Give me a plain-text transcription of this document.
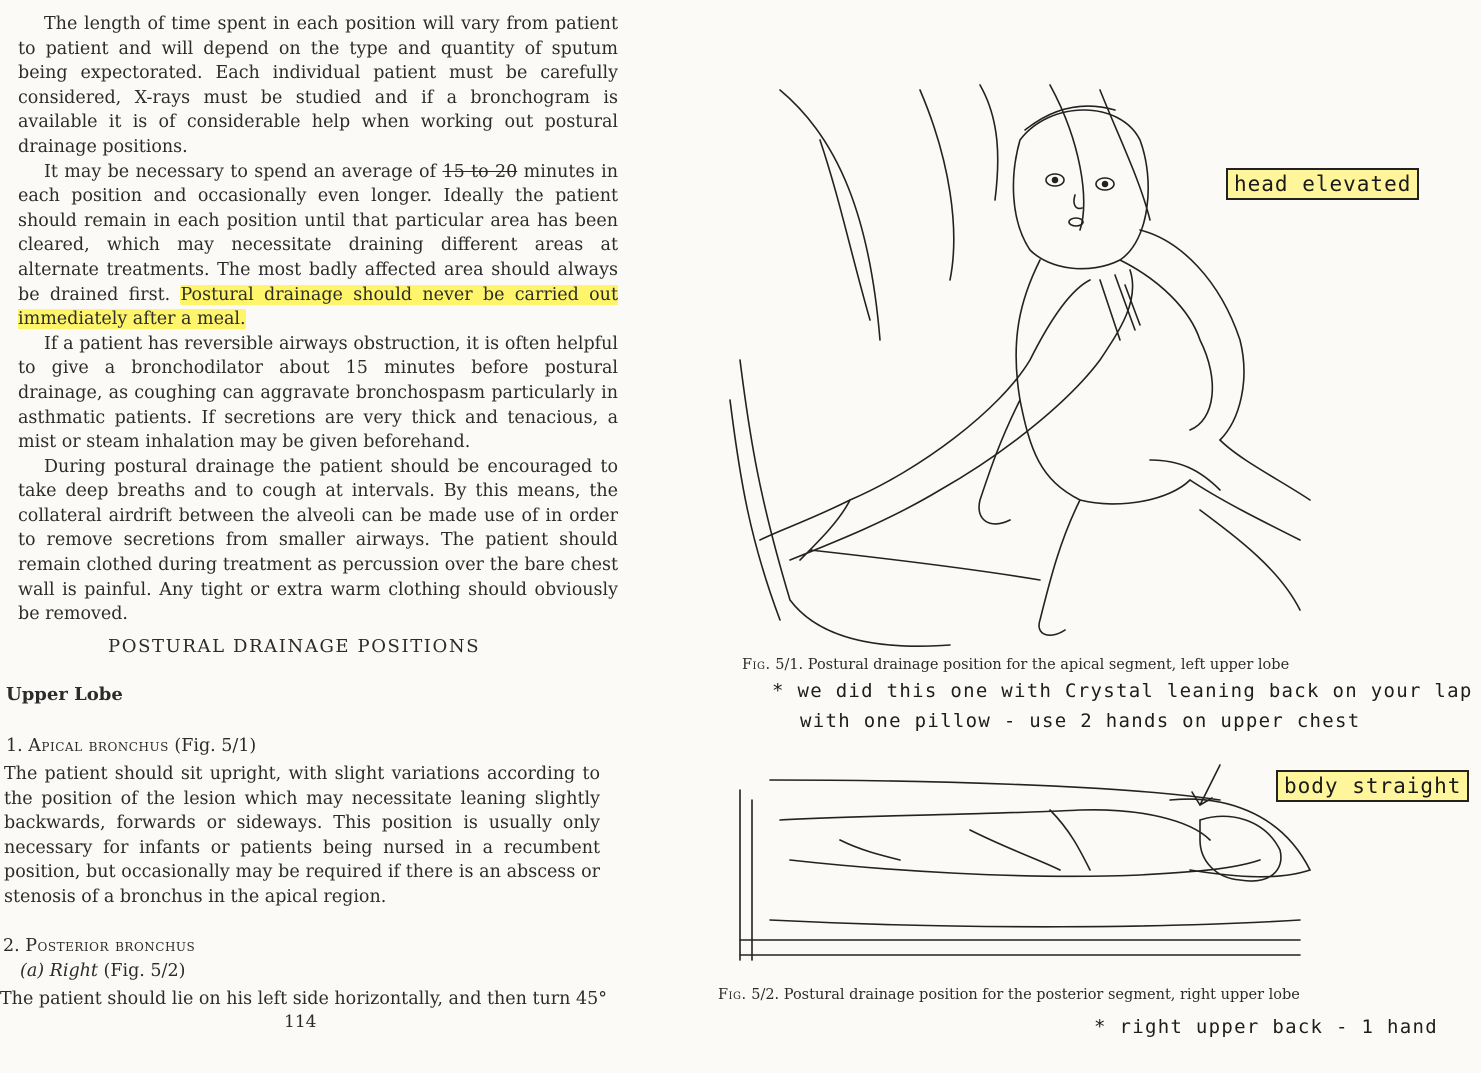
The length of time spent in each position will vary from patient to patient and will depend on the type and quantity of sputum being expectorated. Each individual patient must be carefully considered, X-rays must be studied and if a bronchogram is available it is of considerable help when working out postural drainage positions.

It may be necessary to spend an average of 15 to 20 minutes in each position and occasionally even longer. Ideally the patient should remain in each position until that particular area has been cleared, which may necessitate draining different areas at alternate treatments. The most badly affected area should always be drained first. Postural drainage should never be carried out immediately after a meal.

If a patient has reversible airways obstruction, it is often helpful to give a bronchodilator about 15 minutes before postural drainage, as coughing can aggravate bronchospasm particularly in asthmatic patients. If secretions are very thick and tenacious, a mist or steam inhalation may be given beforehand.

During postural drainage the patient should be encouraged to take deep breaths and to cough at intervals. By this means, the collateral airdrift between the alveoli can be made use of in order to remove secretions from smaller airways. The patient should remain clothed during treatment as percussion over the bare chest wall is painful. Any tight or extra warm clothing should obviously be removed.

POSTURAL DRAINAGE POSITIONS
Upper Lobe
1. Apical bronchus (Fig. 5/1)
The patient should sit upright, with slight variations according to the position of the lesion which may necessitate leaning slightly backwards, forwards or sideways. This position is usually only necessary for infants or patients being nursed in a recumbent position, but occasionally may be required if there is an abscess or stenosis of a bronchus in the apical region.
2. Posterior bronchus
(a) Right (Fig. 5/2)
The patient should lie on his left side horizontally, and then turn 45°
114
head elevated
Fig. 5/1. Postural drainage position for the apical segment, left upper lobe
* we did this one with Crystal leaning back on your lap
with one pillow - use 2 hands on upper chest
body straight
Fig. 5/2. Postural drainage position for the posterior segment, right upper lobe
* right upper back - 1 hand
